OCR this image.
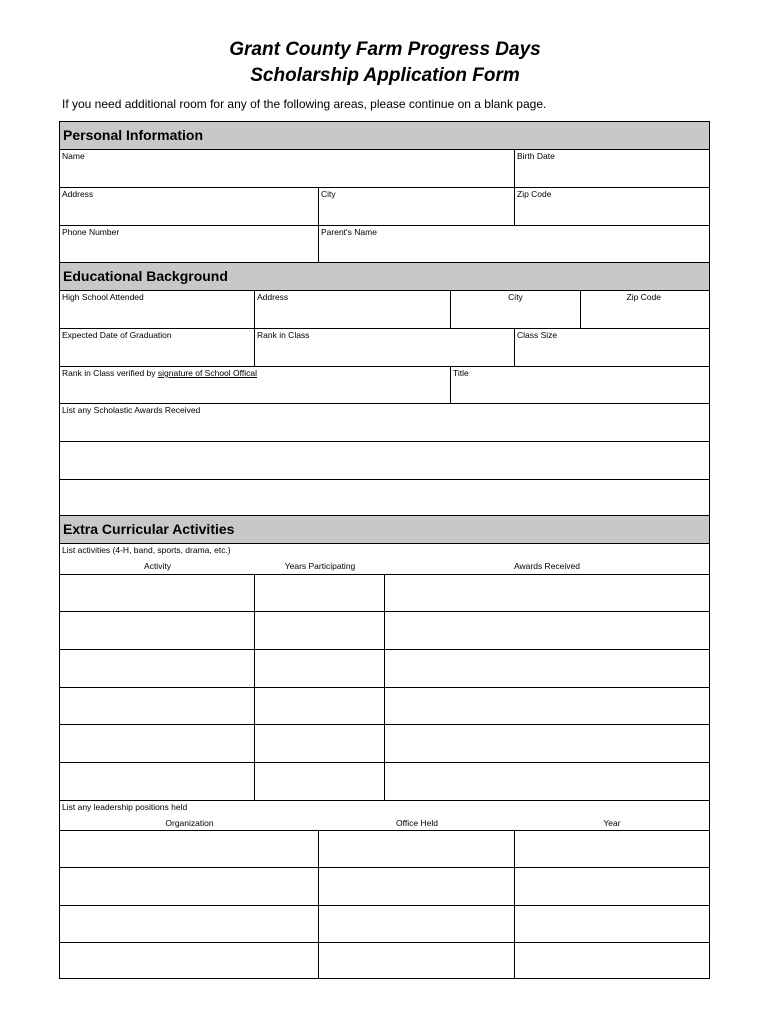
Grant County Farm Progress Days
Scholarship Application Form
If you need additional room for any of the following areas, please continue on a blank page.
Personal Information
Name	Birth Date
Address	City	Zip Code
Phone Number	Parent's Name
Educational Background
High School Attended	Address	City	Zip Code
Expected Date of Graduation	Rank in Class	Class Size
Rank in Class verified by signature of School Offical	Title
List any Scholastic Awards Received
Extra Curricular Activities
List activities (4-H, band, sports, drama, etc.)
Activity	Years Participating	Awards Received
List any leadership positions held
Organization	Office Held	Year
